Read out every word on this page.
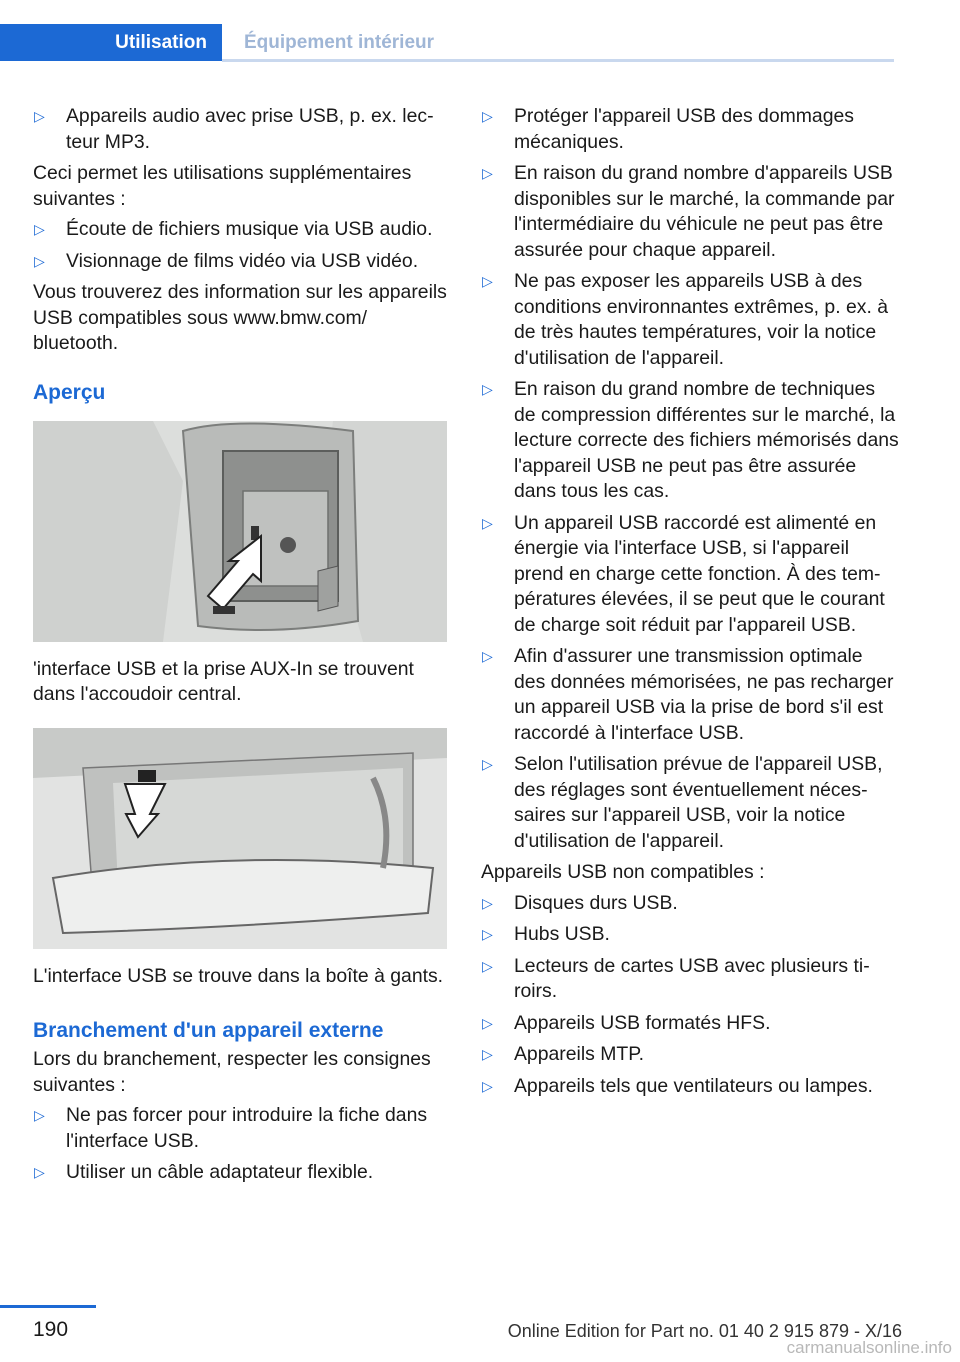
Utilisation	Équipement intérieur
▷ Appareils audio avec prise USB, p. ex. lecteur MP3.

Ceci permet les utilisations supplémentaires suivantes :

▷ Écoute de fichiers musique via USB audio.
▷ Visionnage de films vidéo via USB vidéo.

Vous trouverez des information sur les appareils USB compatibles sous www.bmw.com/ bluetooth.

Aperçu

'interface USB et la prise AUX-In se trouvent dans l'accoudoir central.

L'interface USB se trouve dans la boîte à gants.

Branchement d'un appareil externe

Lors du branchement, respecter les consignes suivantes :

▷ Ne pas forcer pour introduire la fiche dans l'interface USB.
▷ Utiliser un câble adaptateur flexible.
▷ Protéger l'appareil USB des dommages mécaniques.
▷ En raison du grand nombre d'appareils USB disponibles sur le marché, la commande par l'intermédiaire du véhicule ne peut pas être assurée pour chaque appareil.
▷ Ne pas exposer les appareils USB à des conditions environnantes extrêmes, p. ex. à de très hautes températures, voir la notice d'utilisation de l'appareil.
▷ En raison du grand nombre de techniques de compression différentes sur le marché, la lecture correcte des fichiers mémorisés dans l'appareil USB ne peut pas être assurée dans tous les cas.
▷ Un appareil USB raccordé est alimenté en énergie via l'interface USB, si l'appareil prend en charge cette fonction. À des températures élevées, il se peut que le courant de charge soit réduit par l'appareil USB.
▷ Afin d'assurer une transmission optimale des données mémorisées, ne pas recharger un appareil USB via la prise de bord s'il est raccordé à l'interface USB.
▷ Selon l'utilisation prévue de l'appareil USB, des réglages sont éventuellement nécessaires sur l'appareil USB, voir la notice d'utilisation de l'appareil.

Appareils USB non compatibles :

▷ Disques durs USB.
▷ Hubs USB.
▷ Lecteurs de cartes USB avec plusieurs tiroirs.
▷ Appareils USB formatés HFS.
▷ Appareils MTP.
▷ Appareils tels que ventilateurs ou lampes.
190	Online Edition for Part no. 01 40 2 915 879 - X/16
carmanualsonline.info
